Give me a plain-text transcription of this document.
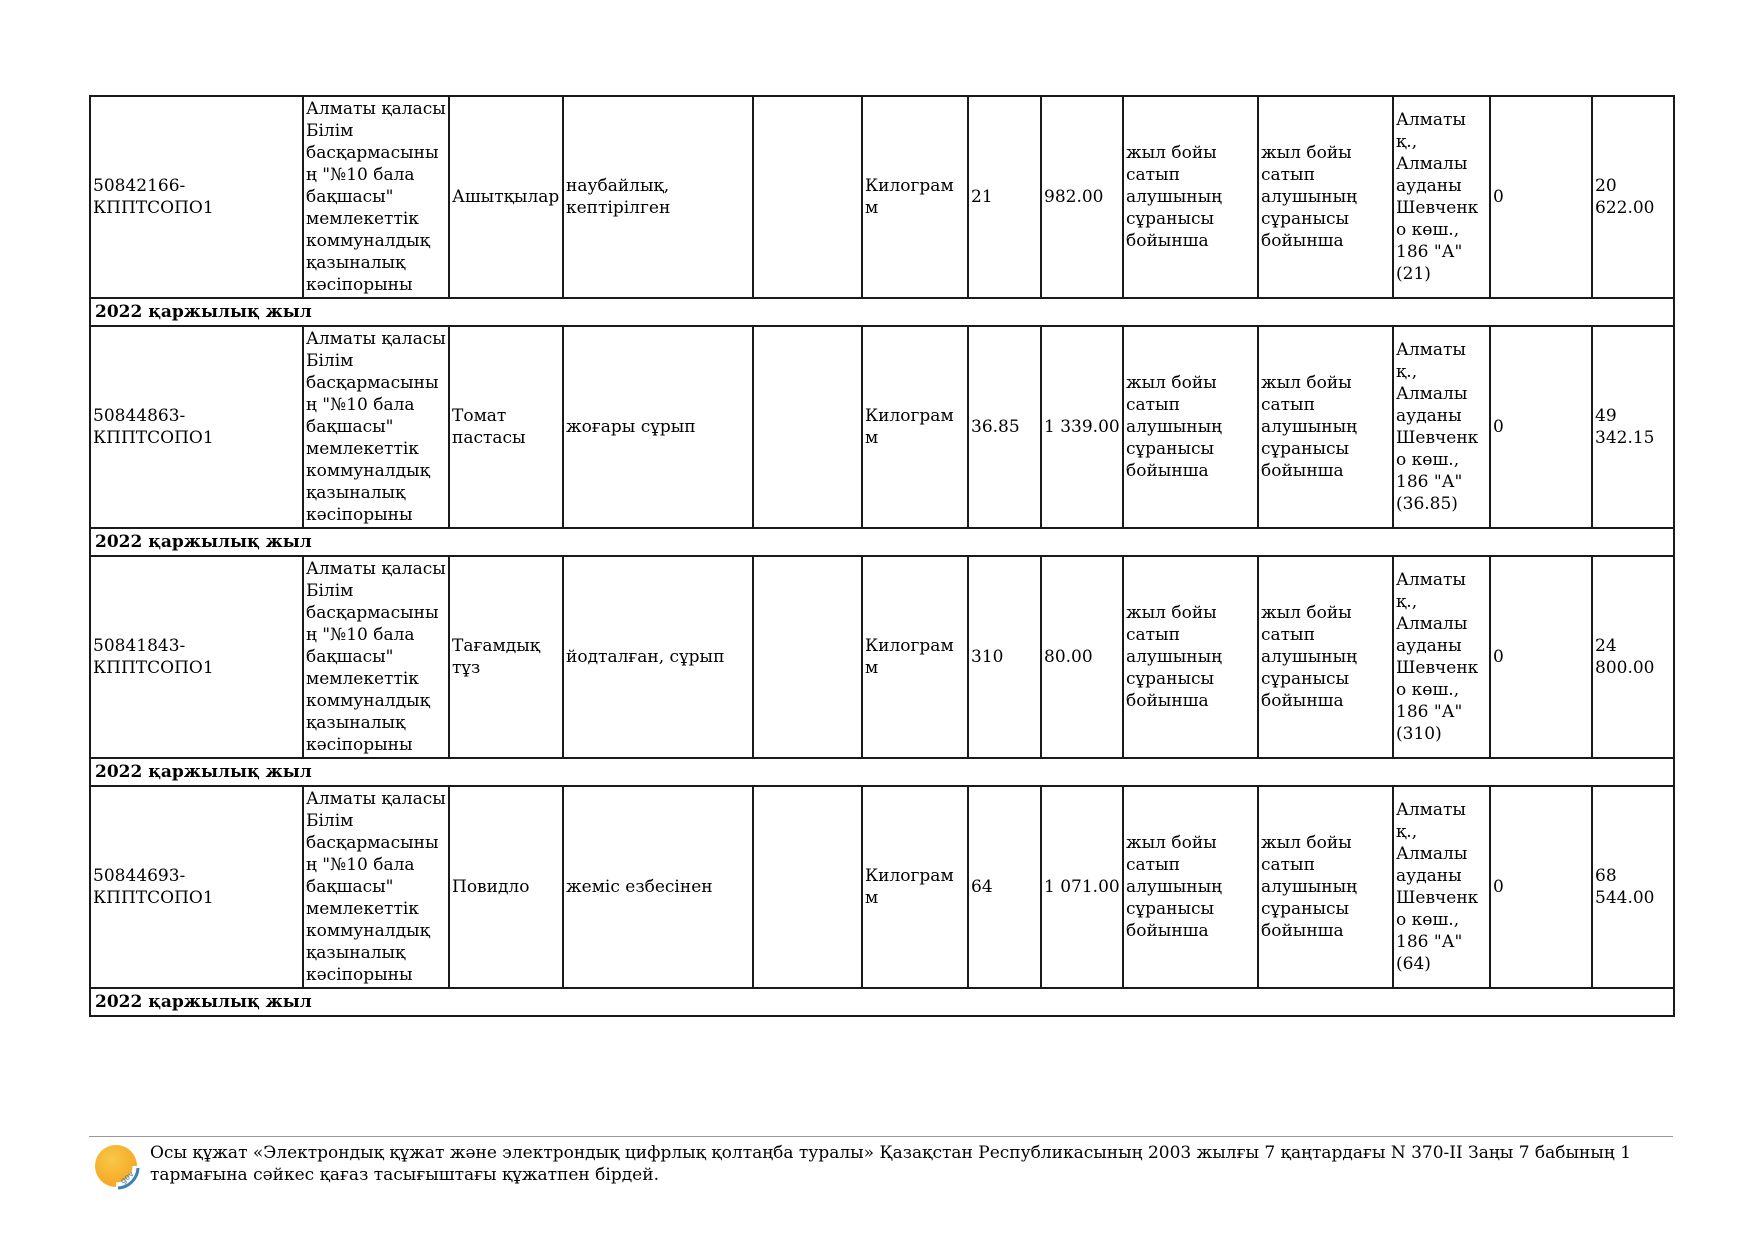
50842166-КППТСОПО1	Алматы қаласы Білім басқармасының "№10 бала бақшасы" мемлекеттік коммуналдық қазыналық кәсіпорыны	Ашытқылар	наубайлық, кептірілген		Килограмм	21	982.00	жыл бойы сатып алушының сұранысы бойынша	жыл бойы сатып алушының сұранысы бойынша	Алматы қ., Алмалы ауданы Шевченко көш., 186 "А" (21)	0	20 622.00
2022 қаржылық жыл												
50844863-КППТСОПО1	Алматы қаласы Білім басқармасының "№10 бала бақшасы" мемлекеттік коммуналдық қазыналық кәсіпорыны	Томат пастасы	жоғары сұрып		Килограмм	36.85	1 339.00	жыл бойы сатып алушының сұранысы бойынша	жыл бойы сатып алушының сұранысы бойынша	Алматы қ., Алмалы ауданы Шевченко көш., 186 "А" (36.85)	0	49 342.15
2022 қаржылық жыл												
50841843-КППТСОПО1	Алматы қаласы Білім басқармасының "№10 бала бақшасы" мемлекеттік коммуналдық қазыналық кәсіпорыны	Тағамдық тұз	йодталған, сұрып		Килограмм	310	80.00	жыл бойы сатып алушының сұранысы бойынша	жыл бойы сатып алушының сұранысы бойынша	Алматы қ., Алмалы ауданы Шевченко көш., 186 "А" (310)	0	24 800.00
2022 қаржылық жыл												
50844693-КППТСОПО1	Алматы қаласы Білім басқармасының "№10 бала бақшасы" мемлекеттік коммуналдық қазыналық кәсіпорыны	Повидло	жеміс езбесінен		Килограмм	64	1 071.00	жыл бойы сатып алушының сұранысы бойынша	жыл бойы сатып алушының сұранысы бойынша	Алматы қ., Алмалы ауданы Шевченко көш., 186 "А" (64)	0	68 544.00
2022 қаржылық жыл												
gov
Осы құжат «Электрондық құжат және электрондық цифрлық қолтаңба туралы» Қазақстан Республикасының 2003 жылғы 7 қаңтардағы N 370-II Заңы 7 бабының 1 тармағына сәйкес қағаз тасығыштағы құжатпен бірдей.
